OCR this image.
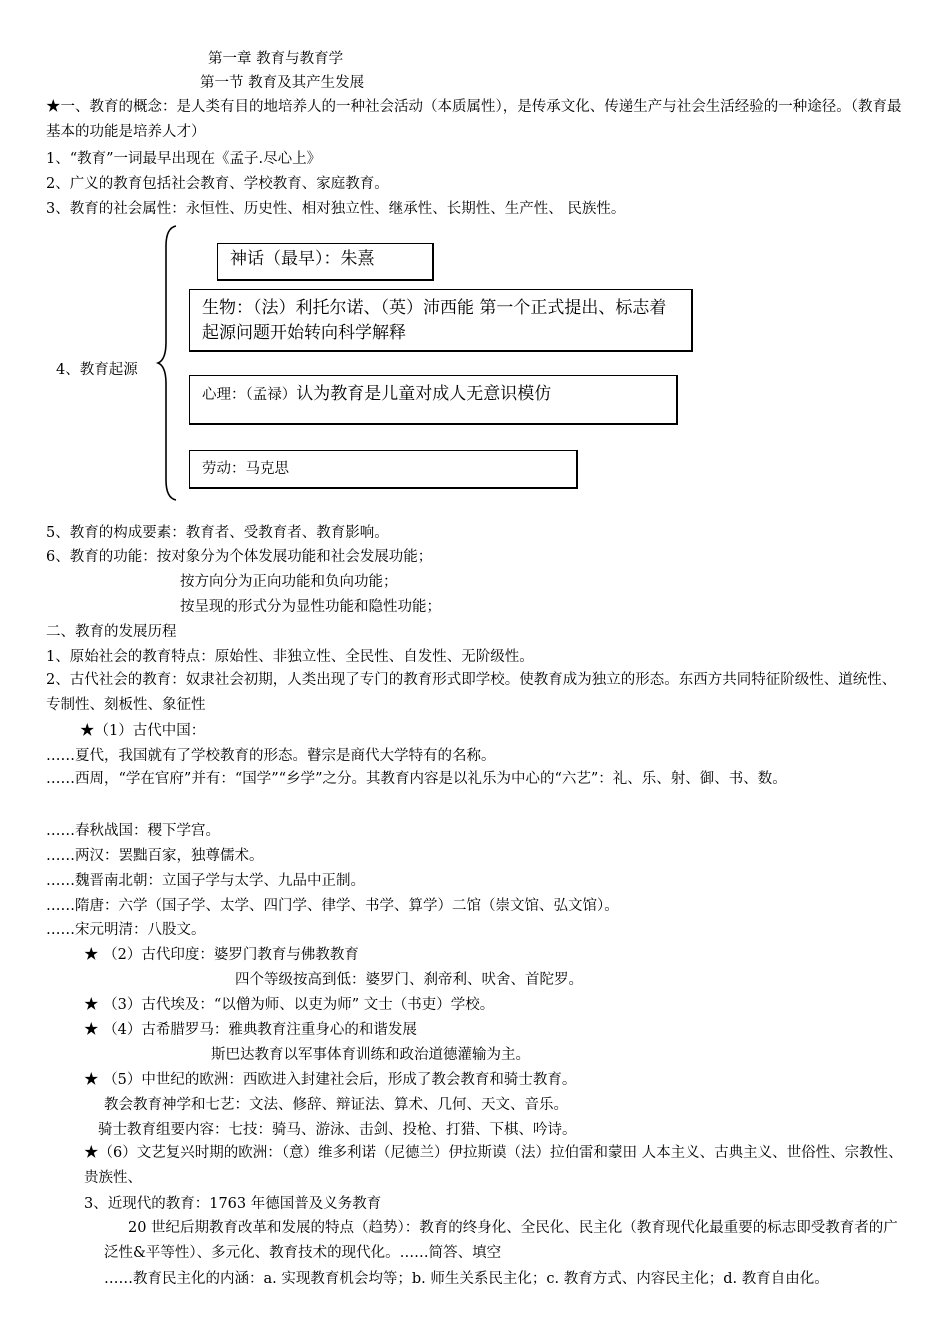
第一章 教育与教育学
第一节 教育及其产生发展
★一、教育的概念：是人类有目的地培养人的一种社会活动（本质属性），是传承文化、传递生产与社会生活经验的一种途径。（教育最基本的功能是培养人才）
1、“教育”一词最早出现在《孟子.尽心上》
2、广义的教育包括社会教育、学校教育、家庭教育。
3、教育的社会属性：永恒性、历史性、相对独立性、继承性、长期性、生产性、 民族性。
4、教育起源
神话（最早）：朱熹
生物：（法）利托尔诺、（英）沛西能 第一个正式提出、标志着起源问题开始转向科学解释
心理：（孟禄）认为教育是儿童对成人无意识模仿
劳动：马克思
5、教育的构成要素：教育者、受教育者、教育影响。
6、教育的功能：按对象分为个体发展功能和社会发展功能；
按方向分为正向功能和负向功能；
按呈现的形式分为显性功能和隐性功能；
二、教育的发展历程
1、原始社会的教育特点：原始性、非独立性、全民性、自发性、无阶级性。
2、古代社会的教育：奴隶社会初期，人类出现了专门的教育形式即学校。使教育成为独立的形态。东西方共同特征阶级性、道统性、专制性、刻板性、象征性
★（1）古代中国：
……夏代，我国就有了学校教育的形态。瞽宗是商代大学特有的名称。
……西周，“学在官府”并有：“国学”“乡学”之分。其教育内容是以礼乐为中心的“六艺”：礼、乐、射、御、书、数。
……春秋战国：稷下学宫。
……两汉：罢黜百家，独尊儒术。
……魏晋南北朝：立国子学与太学、九品中正制。
……隋唐：六学（国子学、太学、四门学、律学、书学、算学）二馆（崇文馆、弘文馆）。
……宋元明清：八股文。
★ （2）古代印度：婆罗门教育与佛教教育
四个等级按高到低：婆罗门、刹帝利、吠舍、首陀罗。
★ （3）古代埃及：“以僧为师、以吏为师” 文士（书吏）学校。
★ （4）古希腊罗马：雅典教育注重身心的和谐发展
斯巴达教育以军事体育训练和政治道德灌输为主。
★ （5）中世纪的欧洲：西欧进入封建社会后，形成了教会教育和骑士教育。
教会教育神学和七艺：文法、修辞、辩证法、算术、几何、天文、音乐。
骑士教育组要内容：七技：骑马、游泳、击剑、投枪、打猎、下棋、吟诗。
★（6）文艺复兴时期的欧洲：（意）维多利诺（尼德兰）伊拉斯谟（法）拉伯雷和蒙田 人本主义、古典主义、世俗性、宗教性、贵族性、
3、近现代的教育：1763 年德国普及义务教育
20 世纪后期教育改革和发展的特点（趋势）：教育的终身化、全民化、民主化（教育现代化最重要的标志即受教育者的广泛性&平等性）、多元化、教育技术的现代化。……简答、填空
……教育民主化的内涵：a. 实现教育机会均等；b. 师生关系民主化；c. 教育方式、内容民主化；d. 教育自由化。
